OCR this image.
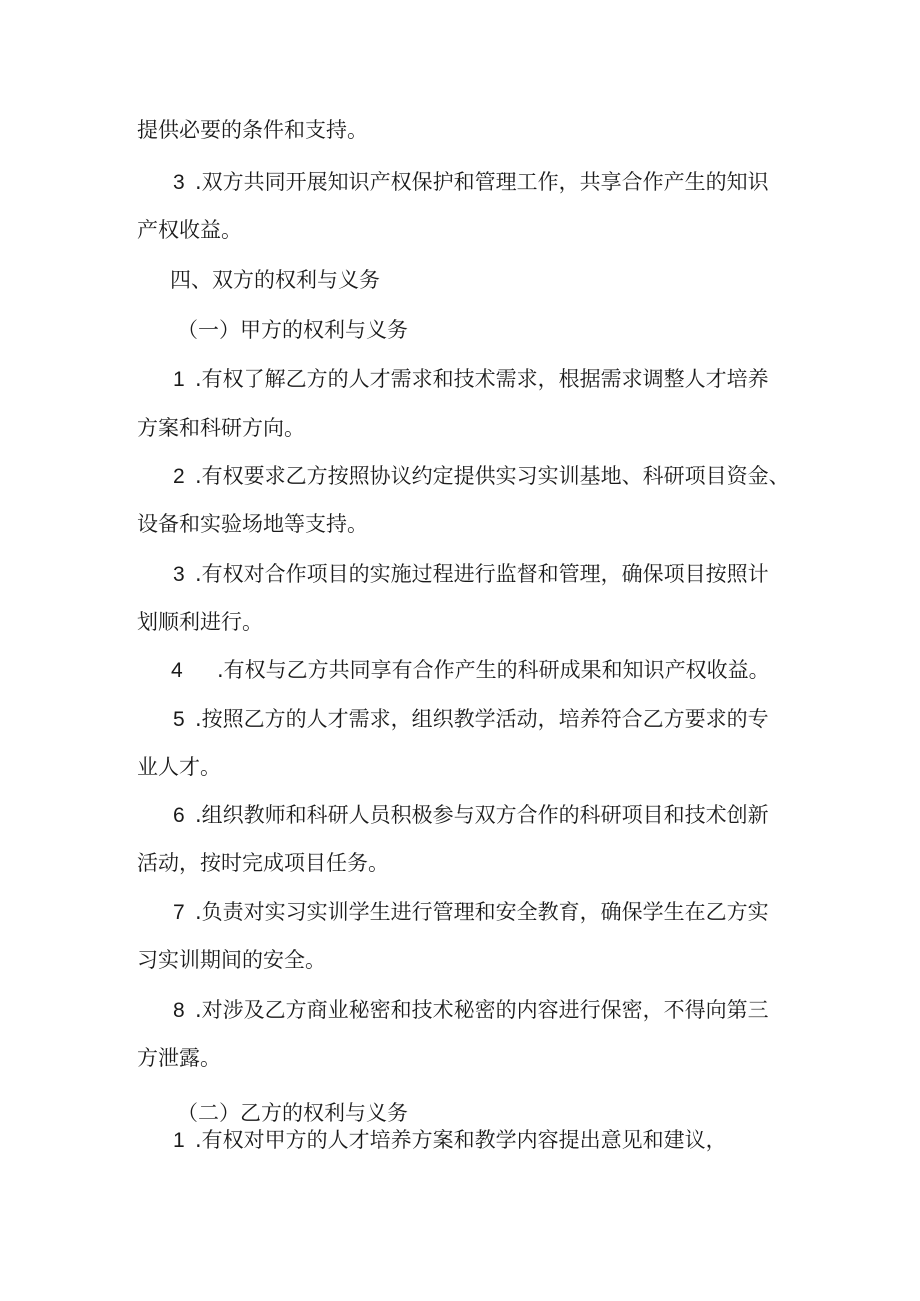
提供必要的条件和支持。
3 .双方共同开展知识产权保护和管理工作，共享合作产生的知识
产权收益。
四、双方的权利与义务
（一）甲方的权利与义务
1 .有权了解乙方的人才需求和技术需求，根据需求调整人才培养
方案和科研方向。
2 .有权要求乙方按照协议约定提供实习实训基地、科研项目资金、
设备和实验场地等支持。
3 .有权对合作项目的实施过程进行监督和管理，确保项目按照计
划顺利进行。
4 .有权与乙方共同享有合作产生的科研成果和知识产权收益。
5 .按照乙方的人才需求，组织教学活动，培养符合乙方要求的专
业人才。
6 .组织教师和科研人员积极参与双方合作的科研项目和技术创新
活动，按时完成项目任务。
7 .负责对实习实训学生进行管理和安全教育，确保学生在乙方实
习实训期间的安全。
8 .对涉及乙方商业秘密和技术秘密的内容进行保密，不得向第三
方泄露。
（二）乙方的权利与义务
1 .有权对甲方的人才培养方案和教学内容提出意见和建议，
